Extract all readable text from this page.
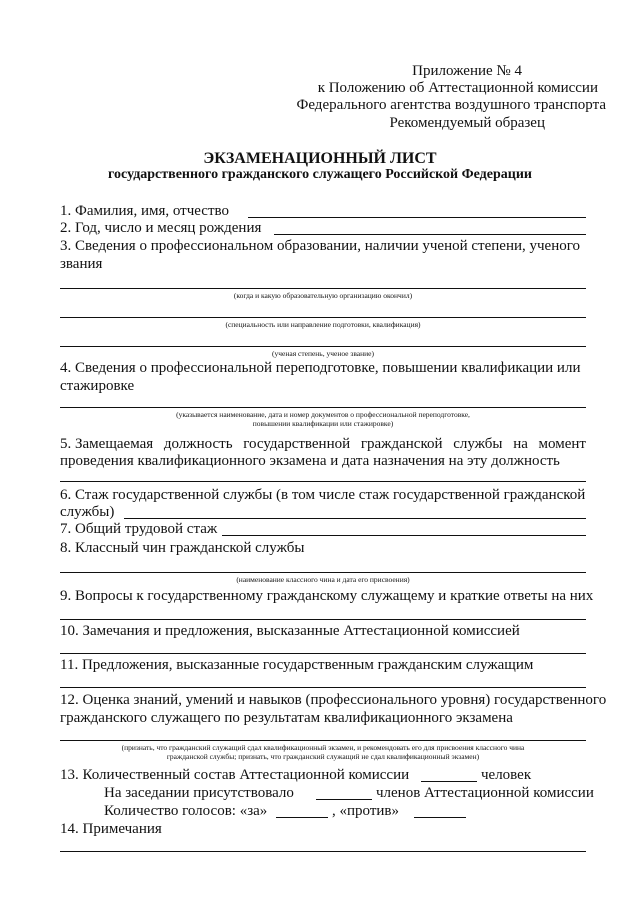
Приложение № 4
к Положению об Аттестационной комиссии
Федерального агентства воздушного транспорта
Рекомендуемый образец
ЭКЗАМЕНАЦИОННЫЙ ЛИСТ
государственного гражданского служащего Российской Федерации
1. Фамилия, имя, отчество
2. Год, число и месяц рождения
3. Сведения о профессиональном образовании, наличии ученой степени, ученого
звания
(когда и какую образовательную организацию окончил)
(специальность или направление подготовки, квалификация)
(ученая степень, ученое звание)
4. Сведения о профессиональной переподготовке, повышении квалификации или
стажировке
(указывается наименование, дата и номер документов о профессиональной переподготовке,
повышении квалификации или стажировке)
5. Замещаемая должность государственной гражданской службы на момент
проведения квалификационного экзамена и дата назначения на эту должность
6. Стаж государственной службы (в том числе стаж государственной гражданской
службы)
7. Общий трудовой стаж
8. Классный чин гражданской службы
(наименование классного чина и дата его присвоения)
9. Вопросы к государственному гражданскому служащему и краткие ответы на них
10. Замечания и предложения, высказанные Аттестационной комиссией
11. Предложения, высказанные государственным гражданским служащим
12. Оценка знаний, умений и навыков (профессионального уровня) государственного
гражданского служащего по результатам квалификационного экзамена
(признать, что гражданский служащий сдал квалификационный экзамен, и рекомендовать его для присвоения классного чина
гражданской службы; признать, что гражданский служащий не сдал квалификационный экзамен)
13. Количественный состав Аттестационной комиссии	человек
На заседании присутствовало	членов Аттестационной комиссии
Количество голосов: «за»	, «против»
14. Примечания
